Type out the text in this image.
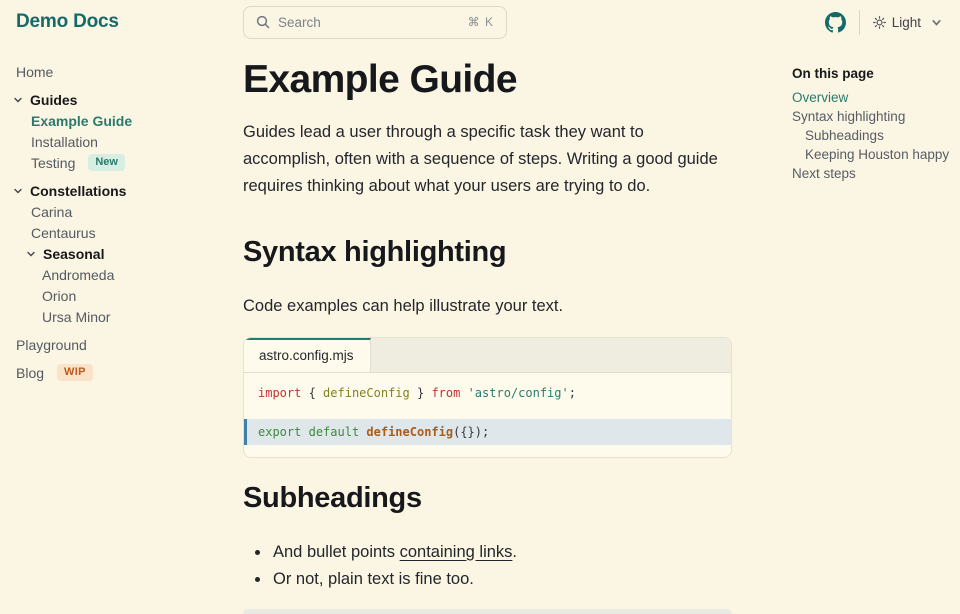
Demo Docs	Search	⌘ K	Light
Home
Guides
Example Guide
Installation
Testing	New
Constellations
Carina
Centaurus
Seasonal
Andromeda
Orion
Ursa Minor
Playground
Blog	WIP
Example Guide

Guides lead a user through a specific task they want to accomplish, often with a sequence of steps. Writing a good guide requires thinking about what your users are trying to do.

Syntax highlighting

Code examples can help illustrate your text.

astro.config.mjs
import { defineConfig } from 'astro/config';
export default defineConfig({});
Subheadings
• And bullet points containing links.
• Or not, plain text is fine too.
On this page
Overview
Syntax highlighting
Subheadings
Keeping Houston happy
Next steps
